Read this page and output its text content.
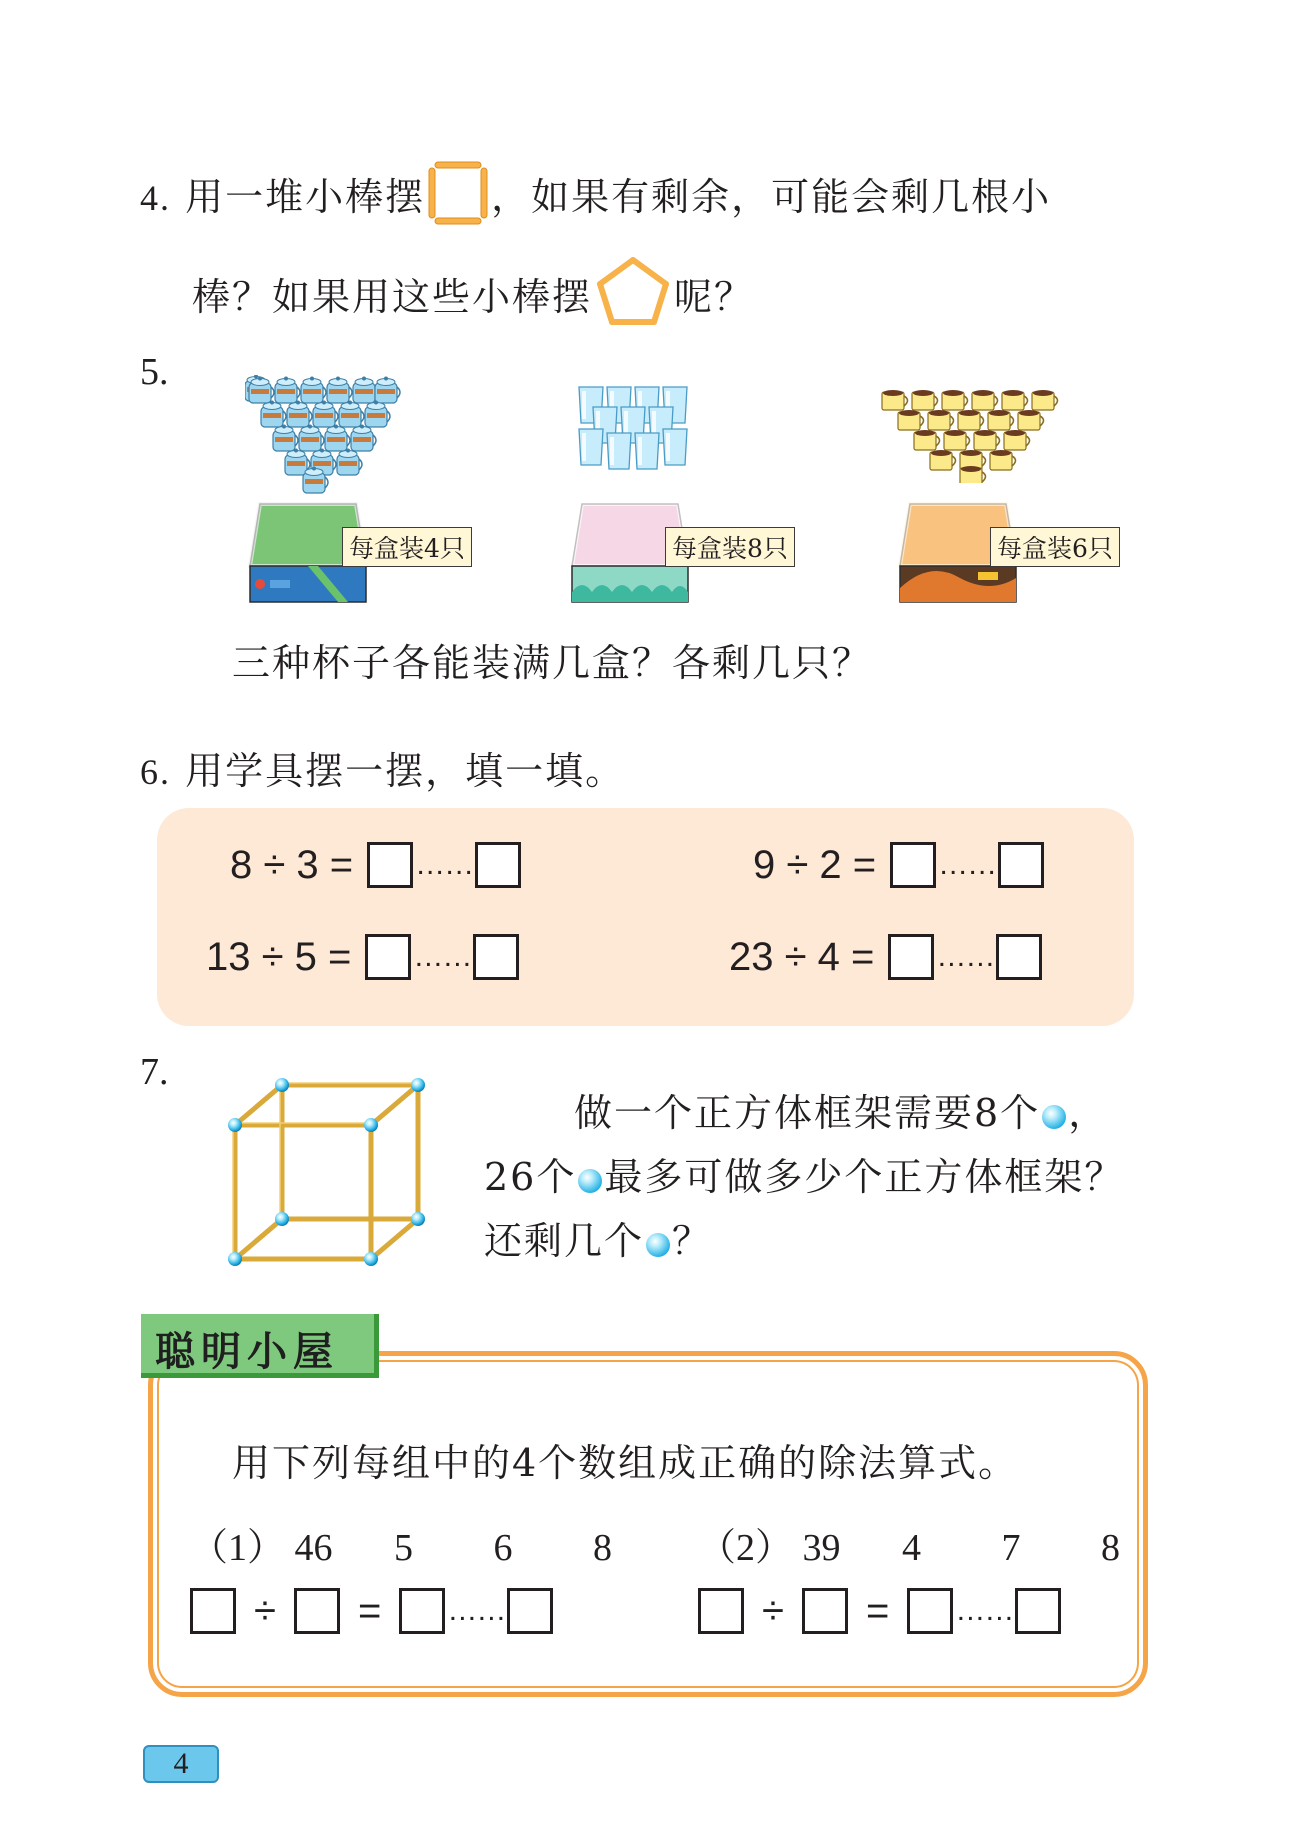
4. 用一堆小棒摆 ，如果有剩余，可能会剩几根小
棒？如果用这些小棒摆 呢？
5.
每盒装4只	每盒装8只	每盒装6只
三种杯子各能装满几盒？各剩几只？
6. 用学具摆一摆，填一填。
8 ÷ 3 = ……	9 ÷ 2 = ……
13 ÷ 5 = ……	23 ÷ 4 = ……
7.
做一个正方体框架需要8个 ，
26个 最多可做多少个正方体框架？
还剩几个 ？
聪明小屋
用下列每组中的4个数组成正确的除法算式。
（1） 46 5 6 8 （2） 39 4 7 8
÷ = ……	÷ = ……
4
